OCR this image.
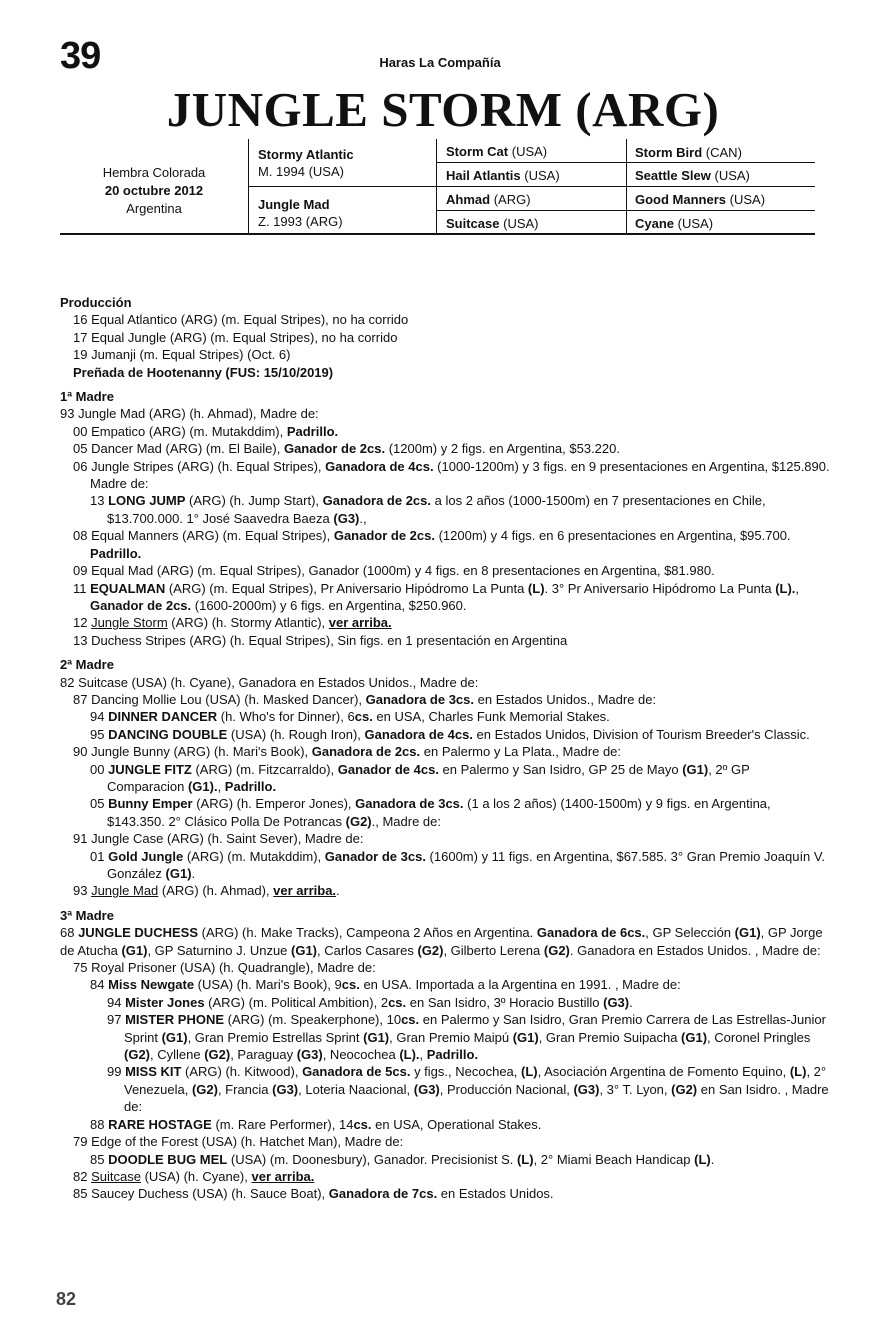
39	Haras La Compañía
JUNGLE STORM (ARG)
Hembra Colorada
20 octubre 2012
Argentina
Stormy Atlantic
M. 1994 (USA)
Jungle Mad
Z. 1993 (ARG)
Storm Cat (USA)
Hail Atlantis (USA)
Ahmad (ARG)
Suitcase (USA)
Storm Bird (CAN)
Seattle Slew (USA)
Good Manners (USA)
Cyane (USA)
Producción
16 Equal Atlantico (ARG) (m. Equal Stripes), no ha corrido
17 Equal Jungle (ARG) (m. Equal Stripes), no ha corrido
19 Jumanji (m. Equal Stripes) (Oct. 6)
Preñada de Hootenanny (FUS: 15/10/2019)
1ª Madre
93 Jungle Mad (ARG) (h. Ahmad), Madre de:
00 Empatico (ARG) (m. Mutakddim), Padrillo.
05 Dancer Mad (ARG) (m. El Baile), Ganador de 2cs. (1200m) y 2 figs. en Argentina, $53.220.
06 Jungle Stripes (ARG) (h. Equal Stripes), Ganadora de 4cs. (1000-1200m) y 3 figs. en 9 presentaciones en Argentina, $125.890. Madre de:
13 LONG JUMP (ARG) (h. Jump Start), Ganadora de 2cs. a los 2 años (1000-1500m) en 7 presentaciones en Chile, $13.700.000. 1° José Saavedra Baeza (G3).,
08 Equal Manners (ARG) (m. Equal Stripes), Ganador de 2cs. (1200m) y 4 figs. en 6 presentaciones en Argentina, $95.700. Padrillo.
09 Equal Mad (ARG) (m. Equal Stripes), Ganador (1000m) y 4 figs. en 8 presentaciones en Argentina, $81.980.
11 EQUALMAN (ARG) (m. Equal Stripes), Pr Aniversario Hipódromo La Punta (L). 3° Pr Aniversario Hipódromo La Punta (L)., Ganador de 2cs. (1600-2000m) y 6 figs. en Argentina, $250.960.
12 Jungle Storm (ARG) (h. Stormy Atlantic), ver arriba.
13 Duchess Stripes (ARG) (h. Equal Stripes), Sin figs. en 1 presentación en Argentina
2ª Madre
82 Suitcase (USA) (h. Cyane), Ganadora en Estados Unidos., Madre de:
87 Dancing Mollie Lou (USA) (h. Masked Dancer), Ganadora de 3cs. en Estados Unidos., Madre de:
94 DINNER DANCER (h. Who's for Dinner), 6cs. en USA, Charles Funk Memorial Stakes.
95 DANCING DOUBLE (USA) (h. Rough Iron), Ganadora de 4cs. en Estados Unidos, Division of Tourism Breeder's Classic.
90 Jungle Bunny (ARG) (h. Mari's Book), Ganadora de 2cs. en Palermo y La Plata., Madre de:
00 JUNGLE FITZ (ARG) (m. Fitzcarraldo), Ganador de 4cs. en Palermo y San Isidro, GP 25 de Mayo (G1), 2º GP Comparacion (G1)., Padrillo.
05 Bunny Emper (ARG) (h. Emperor Jones), Ganadora de 3cs. (1 a los 2 años) (1400-1500m) y 9 figs. en Argentina, $143.350. 2° Clásico Polla De Potrancas (G2)., Madre de:
91 Jungle Case (ARG) (h. Saint Sever), Madre de:
01 Gold Jungle (ARG) (m. Mutakddim), Ganador de 3cs. (1600m) y 11 figs. en Argentina, $67.585. 3° Gran Premio Joaquín V. González (G1).
93 Jungle Mad (ARG) (h. Ahmad), ver arriba..
3ª Madre
68 JUNGLE DUCHESS (ARG) (h. Make Tracks), Campeona 2 Años en Argentina. Ganadora de 6cs., GP Selección (G1), GP Jorge de Atucha (G1), GP Saturnino J. Unzue (G1), Carlos Casares (G2), Gilberto Lerena (G2). Ganadora en Estados Unidos. , Madre de:
75 Royal Prisoner (USA) (h. Quadrangle), Madre de:
84 Miss Newgate (USA) (h. Mari's Book), 9cs. en USA. Importada a la Argentina en 1991. , Madre de:
94 Mister Jones (ARG) (m. Political Ambition), 2cs. en San Isidro, 3º Horacio Bustillo (G3).
97 MISTER PHONE (ARG) (m. Speakerphone), 10cs. en Palermo y San Isidro, Gran Premio Carrera de Las Estrellas-Junior Sprint (G1), Gran Premio Estrellas Sprint (G1), Gran Premio Maipú (G1), Gran Premio Suipacha (G1), Coronel Pringles (G2), Cyllene (G2), Paraguay (G3), Neocochea (L)., Padrillo.
99 MISS KIT (ARG) (h. Kitwood), Ganadora de 5cs. y figs., Necochea, (L), Asociación Argentina de Fomento Equino, (L), 2° Venezuela, (G2), Francia (G3), Loteria Naacional, (G3), Producción Nacional, (G3), 3° T. Lyon, (G2) en San Isidro. , Madre de:
88 RARE HOSTAGE (m. Rare Performer), 14cs. en USA, Operational Stakes.
79 Edge of the Forest (USA) (h. Hatchet Man), Madre de:
85 DOODLE BUG MEL (USA) (m. Doonesbury), Ganador. Precisionist S. (L), 2° Miami Beach Handicap (L).
82 Suitcase (USA) (h. Cyane), ver arriba.
85 Saucey Duchess (USA) (h. Sauce Boat), Ganadora de 7cs. en Estados Unidos.
82
